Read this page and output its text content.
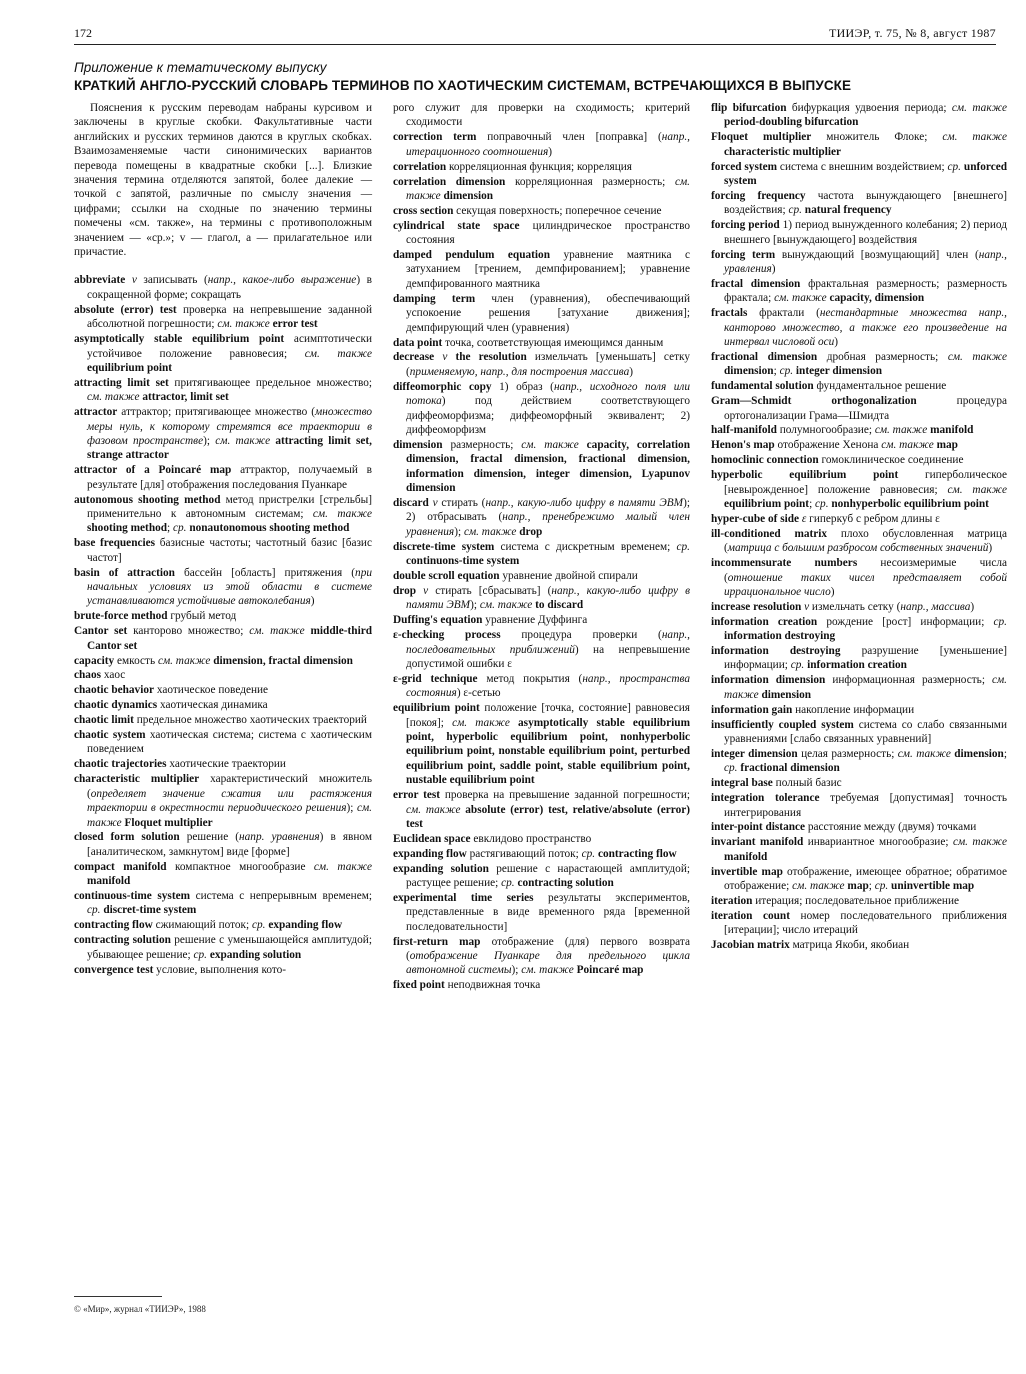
172	ТИИЭР, т. 75, № 8, август 1987
Приложение к тематическому выпуску
КРАТКИЙ АНГЛО-РУССКИЙ СЛОВАРЬ ТЕРМИНОВ ПО ХАОТИЧЕСКИМ СИСТЕМАМ, ВСТРЕЧАЮЩИХСЯ В ВЫПУСКЕ

Пояснения к русским переводам набраны курсивом и заключены в круглые скобки. Факультативные части английских и русских терминов даются в круглых скобках. Взаимозаменяемые части синонимических вариантов перевода помещены в квадратные скобки [...]. Близкие значения термина отделяются запятой, более далекие — точкой с запятой, различные по смыслу значения — цифрами; ссылки на сходные по значению термины помечены «см. также», на термины с противоположным значением — «ср.»; v — глагол, a — прилагательное или причастие.

abbreviate v записывать (напр., какое-либо выражение) в сокращенной форме; сокращать

absolute (error) test проверка на непревышение заданной абсолютной погрешности; см. также error test

asymptotically stable equilibrium point асимптотически устойчивое положение равновесия; см. также equilibrium point

attracting limit set притягивающее предельное множество; см. также attractor, limit set

attractor аттрактор; притягивающее множество (множество меры нуль, к которому стремятся все траектории в фазовом пространстве); см. также attracting limit set, strange attractor

attractor of a Poincaré map аттрактор, получаемый в результате [для] отображения последования Пуанкаре

autonomous shooting method метод пристрелки [стрельбы] применительно к автономным системам; см. также shooting method; ср. nonautonomous shooting method

base frequencies базисные частоты; частотный базис [базис частот]

basin of attraction бассейн [область] притяжения (при начальных условиях из этой области в системе устанавливаются устойчивые автоколебания)

brute-force method грубый метод

Cantor set канторово множество; см. также middle-third Cantor set

capacity емкость см. также dimension, fractal dimension

chaos хаос

chaotic behavior хаотическое поведение

chaotic dynamics хаотическая динамика

chaotic limit предельное множество хаотических траекторий

chaotic system хаотическая система; система с хаотическим поведением

chaotic trajectories хаотические траектории

characteristic multiplier характеристический множитель (определяет значение сжатия или растяжения траектории в окрестности периодического решения); см. также Floquet multiplier

closed form solution решение (напр. уравнения) в явном [аналитическом, замкнутом] виде [форме]

compact manifold компактное многообразие см. также manifold

continuous-time system система с непрерывным временем; ср. discret-time system

contracting flow сжимающий поток; ср. expanding flow

contracting solution решение с уменьшающейся амплитудой; убывающее решение; ср. expanding solution

convergence test условие, выполнения кото-

рого служит для проверки на сходимость; критерий сходимости

correction term поправочный член [поправка] (напр., итерационного соотношения)

correlation корреляционная функция; корреляция

correlation dimension корреляционная размерность; см. также dimension

cross section секущая поверхность; поперечное сечение

cylindrical state space цилиндрическое пространство состояния

damped pendulum equation уравнение маятника с затуханием [трением, демпфированием]; уравнение демпфированного маятника

damping term член (уравнения), обеспечивающий успокоение решения [затухание движения]; демпфирующий член (уравнения)

data point точка, соответствующая имеющимся данным

decrease v the resolution измельчать [уменьшать] сетку (применяемую, напр., для построения массива)

diffeomorphic copy 1) образ (напр., исходного поля или потока) под действием соответствующего диффеоморфизма; диффеоморфный эквивалент; 2) диффеоморфизм

dimension размерность; см. также capacity, correlation dimension, fractal dimension, fractional dimension, information dimension, integer dimension, Lyapunov dimension

discard v стирать (напр., какую-либо цифру в памяти ЭВМ); 2) отбрасывать (напр., пренебрежимо малый член уравнения); см. также drop

discrete-time system система с дискретным временем; ср. continuons-time system

double scroll equation уравнение двойной спирали

drop v стирать [сбрасывать] (напр., какую-либо цифру в памяти ЭВМ); см. также to discard

Duffing's equation уравнение Дуффинга

ε-checking process процедура проверки (напр., последовательных приближений) на непревышение допустимой ошибки ε

ε-grid technique метод покрытия (напр., пространства состояния) ε-сетью

equilibrium point положение [точка, состояние] равновесия [покоя]; см. также asymptotically stable equilibrium point, hyperbolic equilibrium point, nonhyperbolic equilibrium point, nonstable equilibrium point, perturbed equilibrium point, saddle point, stable equilibrium point, nustable equilibrium point

error test проверка на превышение заданной погрешности; см. также absolute (error) test, relative/absolute (error) test

Euclidean space евклидово пространство

expanding flow растягивающий поток; ср. contracting flow

expanding solution решение с нарастающей амплитудой; растущее решение; ср. contracting solution

experimental time series результаты экспериментов, представленные в виде временного ряда [временной последовательности]

first-return map отображение (для) первого возврата (отображение Пуанкаре для предельного цикла автономной системы); см. также Poincaré map

fixed point неподвижная точка

flip bifurcation бифуркация удвоения периода; см. также period-doubling bifurcation

Floquet multiplier множитель Флоке; см. также characteristic multiplier

forced system система с внешним воздействием; ср. unforced system

forcing frequency частота вынуждающего [внешнего] воздействия; ср. natural frequency

forcing period 1) период вынужденного колебания; 2) период внешнего [вынуждающего] воздействия

forcing term вынуждающий [возмущающий] член (напр., уравления)

fractal dimension фрактальная размерность; размерность фрактала; см. также capacity, dimension

fractals фрактали (нестандартные множества напр., канторово множество, а также его произведение на интервал числовой оси)

fractional dimension дробная размерность; см. также dimension; ср. integer dimension

fundamental solution фундаментальное решение

Gram—Schmidt orthogonalization процедура ортогонализации Грама—Шмидта

half-manifold полумногообразие; см. также manifold

Henon's map отображение Хенона см. также map

homoclinic connection гомоклиническое соединение

hyperbolic equilibrium point гиперболическое [невырожденное] положение равновесия; см. также equilibrium point; ср. nonhyperbolic equilibrium point

hyper-cube of side ε гиперкуб с ребром длины ε

ill-conditioned matrix плохо обусловленная матрица (матрица с большим разбросом собственных значений)

incommensurate numbers несоизмеримые числа (отношение таких чисел представляет собой иррациональное число)

increase resolution v измельчать сетку (напр., массива)

information creation рождение [рост] информации; ср. information destroying

information destroying разрушение [уменьшение] информации; ср. information creation

information dimension информационная размерность; см. также dimension

information gain накопление информации

insufficiently coupled system система со слабо связанными уравнениями [слабо связанных уравнений]

integer dimension целая размерность; см. также dimension; ср. fractional dimension

integral base полный базис

integration tolerance требуемая [допустимая] точность интегрирования

inter-point distance расстояние между (двумя) точками

invariant manifold инвариантное многообразие; см. также manifold

invertible map отображение, имеющее обратное; обратимое отображение; см. также map; ср. uninvertible map

iteration итерация; последовательное приближение

iteration count номер последовательного приближения [итерации]; число итераций

Jacobian matrix матрица Якоби, якобиан

© «Мир», журнал «ТИИЭР», 1988
